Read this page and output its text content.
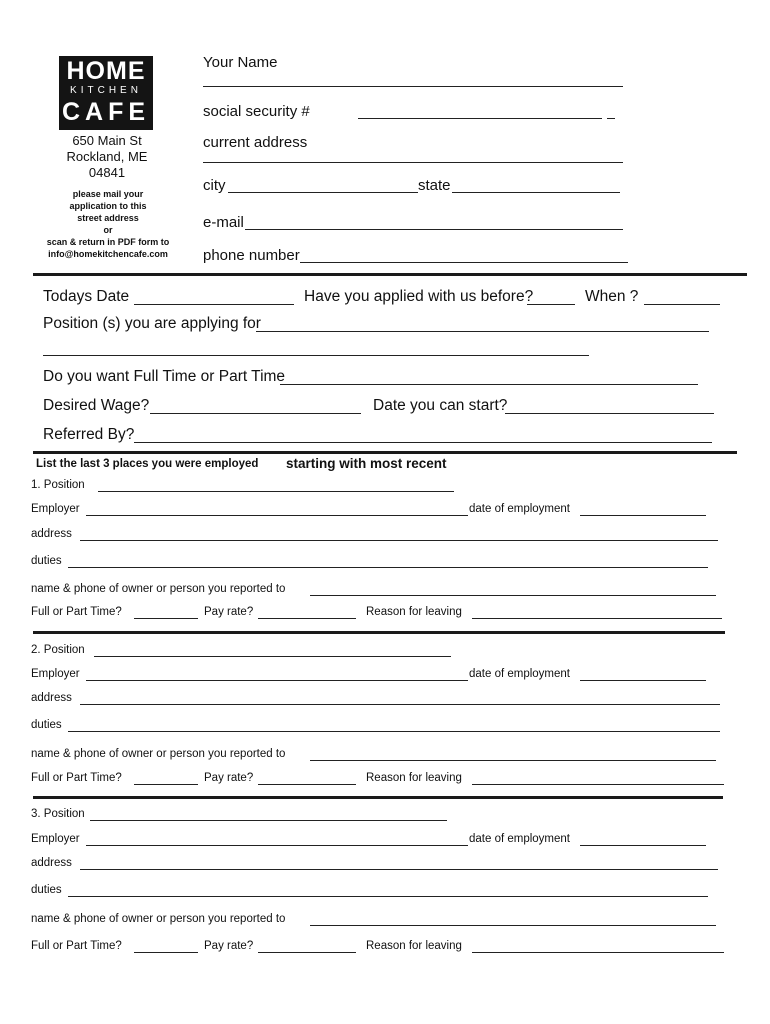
HOME
KITCHEN
CAFE
650 Main St
Rockland, ME
04841
please mail your
application to this
street address
or
scan & return in PDF form to
info@homekitchencafe.com
Your Name
social security #
current address
city	state
e-mail
phone number
Todays Date	Have you applied with us before?	When ?
Position (s) you are applying for
Do you want Full Time or Part Time
Desired Wage?	Date you can start?
Referred By?
List the last 3 places you were employed starting with most recent
1. Position
Employer	date of employment
address
duties
name & phone of owner or person you reported to
Full or Part Time?	Pay rate?	Reason for leaving
2. Position
Employer	date of employment
address
duties
name & phone of owner or person you reported to
Full or Part Time?	Pay rate?	Reason for leaving
3. Position
Employer	date of employment
address
duties
name & phone of owner or person you reported to
Full or Part Time?	Pay rate?	Reason for leaving
